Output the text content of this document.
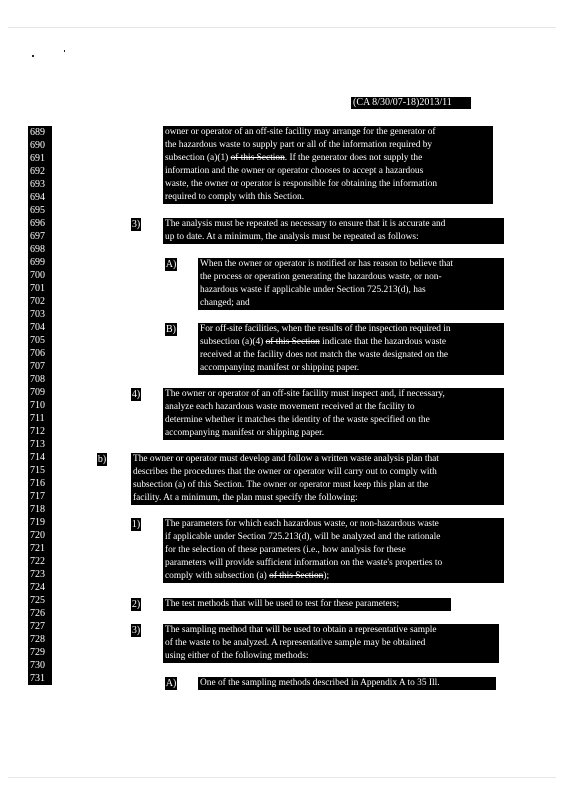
(CA 8/30/07-18)2013/11
689
690
691
692
693
694
695
696
697
698
699
700
701
702
703
704
705
706
707
708
709
710
711
712
713
714
715
716
717
718
719
720
721
722
723
724
725
726
727
728
729
730
731
owner or operator of an off-site facility may arrange for the generator of
the hazardous waste to supply part or all of the information required by
subsection (a)(1) of this Section. If the generator does not supply the
information and the owner or operator chooses to accept a hazardous
waste, the owner or operator is responsible for obtaining the information
required to comply with this Section.
3)	The analysis must be repeated as necessary to ensure that it is accurate and
up to date. At a minimum, the analysis must be repeated as follows:
A)	When the owner or operator is notified or has reason to believe that
the process or operation generating the hazardous waste, or non-
hazardous waste if applicable under Section 725.213(d), has
changed; and
B)	For off-site facilities, when the results of the inspection required in
subsection (a)(4) of this Section indicate that the hazardous waste
received at the facility does not match the waste designated on the
accompanying manifest or shipping paper.
4)	The owner or operator of an off-site facility must inspect and, if necessary,
analyze each hazardous waste movement received at the facility to
determine whether it matches the identity of the waste specified on the
accompanying manifest or shipping paper.
b)	The owner or operator must develop and follow a written waste analysis plan that
describes the procedures that the owner or operator will carry out to comply with
subsection (a) of this Section. The owner or operator must keep this plan at the
facility. At a minimum, the plan must specify the following:
1)	The parameters for which each hazardous waste, or non-hazardous waste
if applicable under Section 725.213(d), will be analyzed and the rationale
for the selection of these parameters (i.e., how analysis for these
parameters will provide sufficient information on the waste's properties to
comply with subsection (a) of this Section);
2)	The test methods that will be used to test for these parameters;
3)	The sampling method that will be used to obtain a representative sample
of the waste to be analyzed. A representative sample may be obtained
using either of the following methods:
A)	One of the sampling methods described in Appendix A to 35 Ill.
